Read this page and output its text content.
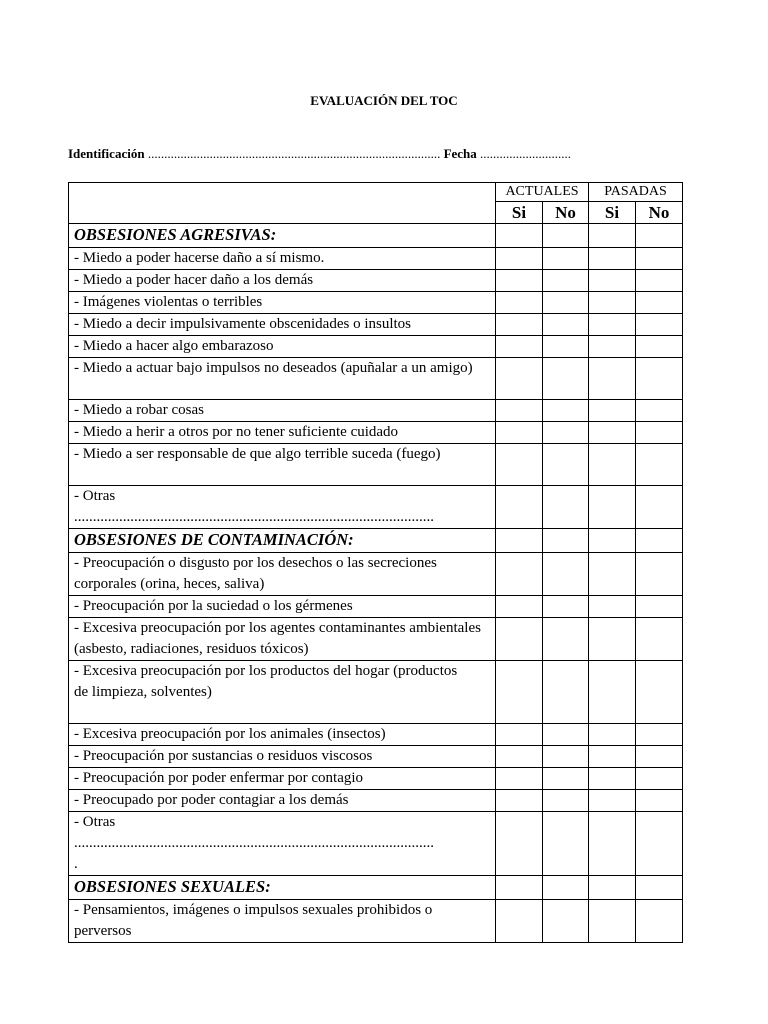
EVALUACIÓN DEL TOC
Identificación .......................................................................................... Fecha ............................
	ACTUALES		PASADAS	
	Si	No	Si	No
OBSESIONES AGRESIVAS:				

- Miedo a poder hacerse daño a sí mismo.				

- Miedo a poder hacer daño a los demás				

- Imágenes violentas o terribles				

- Miedo a decir impulsivamente obscenidades o insultos				

- Miedo a hacer algo embarazoso				

- Miedo a actuar bajo impulsos no deseados (apuñalar a un amigo)				

- Miedo a robar cosas				

- Miedo a herir a otros por no tener suficiente cuidado				

- Miedo a ser responsable de que algo terrible suceda (fuego)				

- Otras
................................................................................................				

OBSESIONES DE CONTAMINACIÓN:				

- Preocupación o disgusto por los desechos o las secreciones corporales (orina, heces, saliva)				

- Preocupación por la suciedad o los gérmenes				

- Excesiva preocupación por los agentes contaminantes ambientales (asbesto, radiaciones, residuos tóxicos)				

- Excesiva preocupación por los productos del hogar (productos
de limpieza, solventes)				

- Excesiva preocupación por los animales (insectos)				

- Preocupación por sustancias o residuos viscosos				

- Preocupación por poder enfermar por contagio				

- Preocupado por poder contagiar a los demás				

- Otras
................................................................................................
.				

OBSESIONES SEXUALES:				

- Pensamientos, imágenes o impulsos sexuales prohibidos o perversos				
